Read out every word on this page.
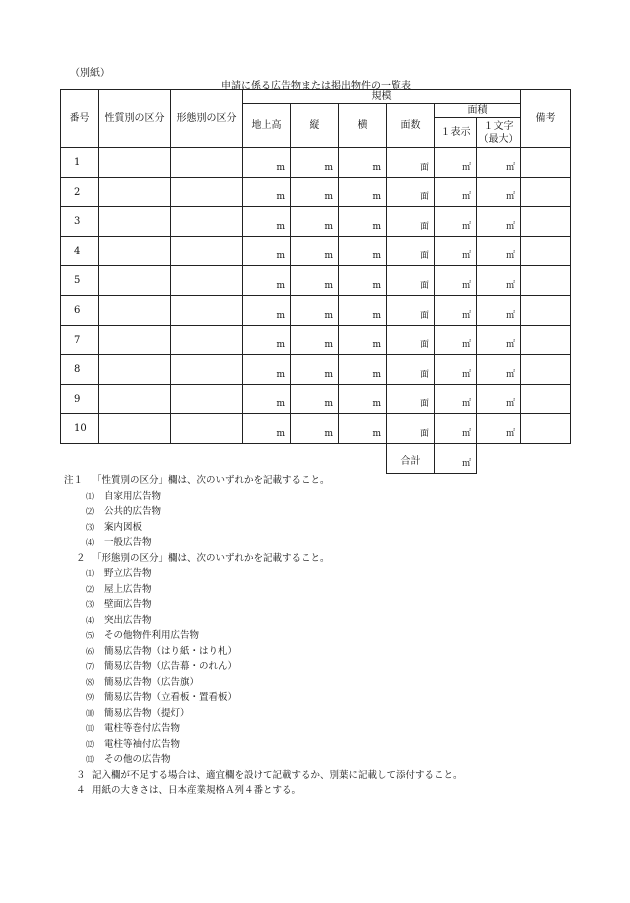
（別紙）
申請に係る広告物または掲出物件の一覧表
番号	性質別の区分	形態別の区分	規模						備考
			地上高	縦	横	面数	面積		
							１表示	１文字
（最大）	
1			m	m	m	面	㎡	㎡	
2			m	m	m	面	㎡	㎡	
3			m	m	m	面	㎡	㎡	
4			m	m	m	面	㎡	㎡	
5			m	m	m	面	㎡	㎡	
6			m	m	m	面	㎡	㎡	
7			m	m	m	面	㎡	㎡	
8			m	m	m	面	㎡	㎡	
9			m	m	m	面	㎡	㎡	
10			m	m	m	面	㎡	㎡	
						合計	㎡		
注１ 「性質別の区分」欄は、次のいずれかを記載すること。
⑴ 自家用広告物
⑵ 公共的広告物
⑶ 案内図板
⑷ 一般広告物
２ 「形態別の区分」欄は、次のいずれかを記載すること。
⑴ 野立広告物
⑵ 屋上広告物
⑶ 壁面広告物
⑷ 突出広告物
⑸ その他物件利用広告物
⑹ 簡易広告物（はり紙・はり札）
⑺ 簡易広告物（広告幕・のれん）
⑻ 簡易広告物（広告旗）
⑼ 簡易広告物（立看板・置看板）
⑽ 簡易広告物（提灯）
⑾ 電柱等巻付広告物
⑿ 電柱等袖付広告物
⒀ その他の広告物
３ 記入欄が不足する場合は、適宜欄を設けて記載するか、別葉に記載して添付すること。
４ 用紙の大きさは、日本産業規格Ａ列４番とする。
